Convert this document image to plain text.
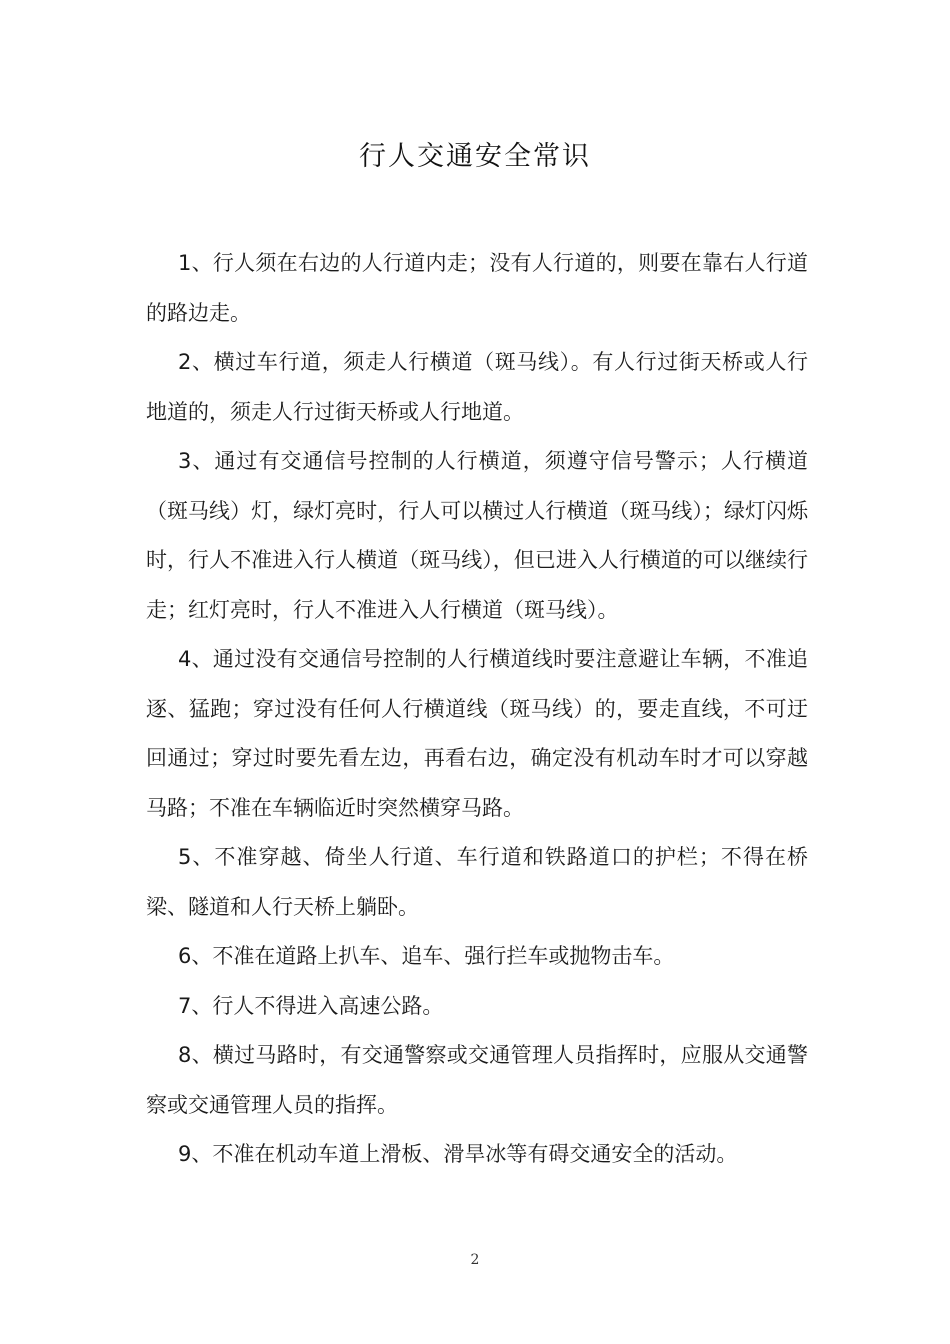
行人交通安全常识

1、行人须在右边的人行道内走；没有人行道的，则要在靠右人行道的路边走。

2、横过车行道，须走人行横道（斑马线）。有人行过街天桥或人行地道的，须走人行过街天桥或人行地道。

3、通过有交通信号控制的人行横道，须遵守信号警示；人行横道（斑马线）灯，绿灯亮时，行人可以横过人行横道（斑马线）；绿灯闪烁时，行人不准进入行人横道（斑马线），但已进入人行横道的可以继续行走；红灯亮时，行人不准进入人行横道（斑马线）。

4、通过没有交通信号控制的人行横道线时要注意避让车辆，不准追逐、猛跑；穿过没有任何人行横道线（斑马线）的，要走直线，不可迂回通过；穿过时要先看左边，再看右边，确定没有机动车时才可以穿越马路；不准在车辆临近时突然横穿马路。

5、不准穿越、倚坐人行道、车行道和铁路道口的护栏；不得在桥梁、隧道和人行天桥上躺卧。

6、不准在道路上扒车、追车、强行拦车或抛物击车。

7、行人不得进入高速公路。

8、横过马路时，有交通警察或交通管理人员指挥时，应服从交通警察或交通管理人员的指挥。

9、不准在机动车道上滑板、滑旱冰等有碍交通安全的活动。

2
